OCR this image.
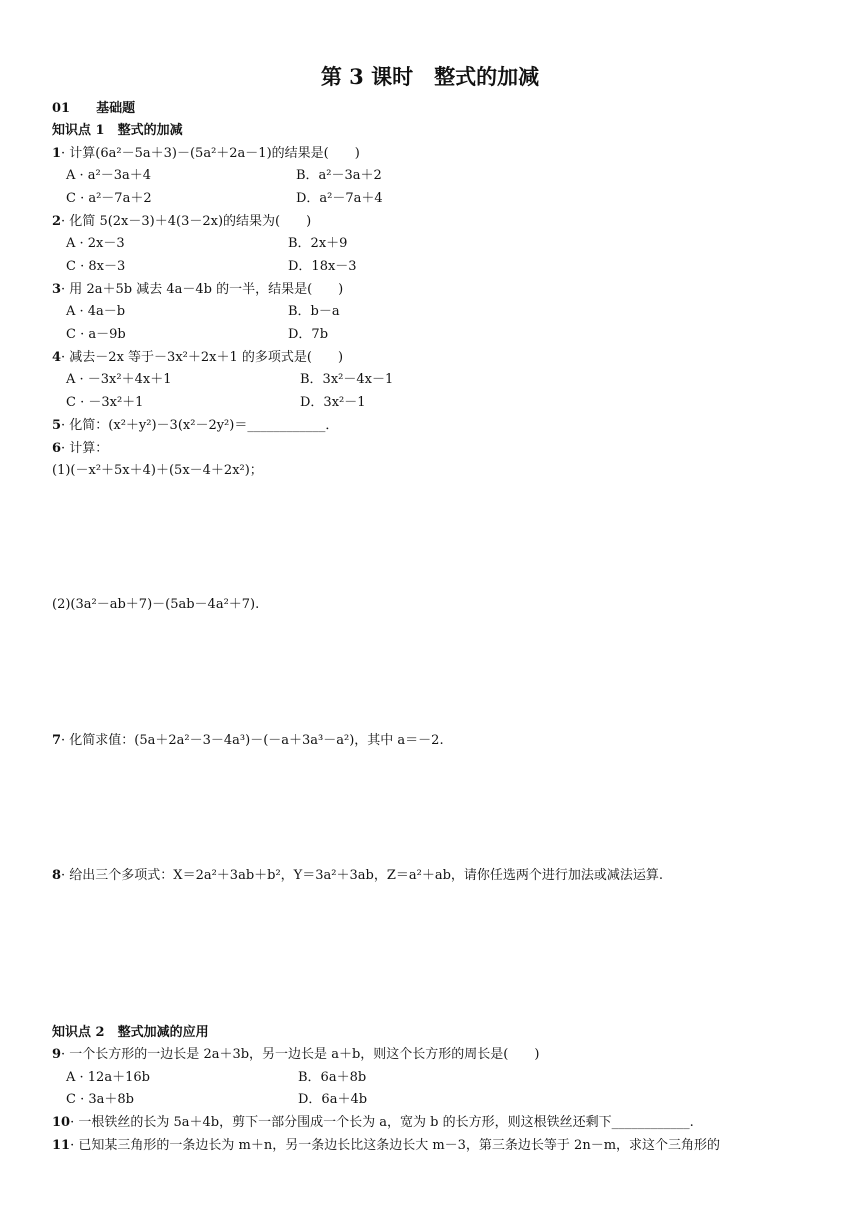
第 3 课时　整式的加减
01　　基础题
知识点 1　整式的加减
1· 计算(6a²－5a＋3)－(5a²＋2a－1)的结果是(　　)
A · a²－3a＋4	B．a²－3a＋2
C · a²－7a＋2	D．a²－7a＋4
2· 化简 5(2x－3)＋4(3－2x)的结果为(　　)
A · 2x－3	B．2x＋9
C · 8x－3	D．18x－3
3· 用 2a＋5b 减去 4a－4b 的一半，结果是(　　)
A · 4a－b	B．b－a
C · a－9b	D．7b
4· 减去－2x 等于－3x²＋2x＋1 的多项式是(　　)
A · －3x²＋4x＋1	B．3x²－4x－1
C · －3x²＋1	D．3x²－1
5· 化简：(x²＋y²)－3(x²－2y²)＝____________．
6· 计算：
(1)(－x²＋5x＋4)＋(5x－4＋2x²)；
(2)(3a²－ab＋7)－(5ab－4a²＋7).
7· 化简求值：(5a＋2a²－3－4a³)－(－a＋3a³－a²)，其中 a＝－2.
8· 给出三个多项式：X＝2a²＋3ab＋b²，Y＝3a²＋3ab，Z＝a²＋ab，请你任选两个进行加法或减法运算.
知识点 2　整式加减的应用
9· 一个长方形的一边长是 2a＋3b，另一边长是 a＋b，则这个长方形的周长是(　　)
A · 12a＋16b	B．6a＋8b
C · 3a＋8b	D．6a＋4b
10· 一根铁丝的长为 5a＋4b，剪下一部分围成一个长为 a，宽为 b 的长方形，则这根铁丝还剩下____________.
11· 已知某三角形的一条边长为 m＋n，另一条边长比这条边长大 m－3，第三条边长等于 2n－m，求这个三角形的
